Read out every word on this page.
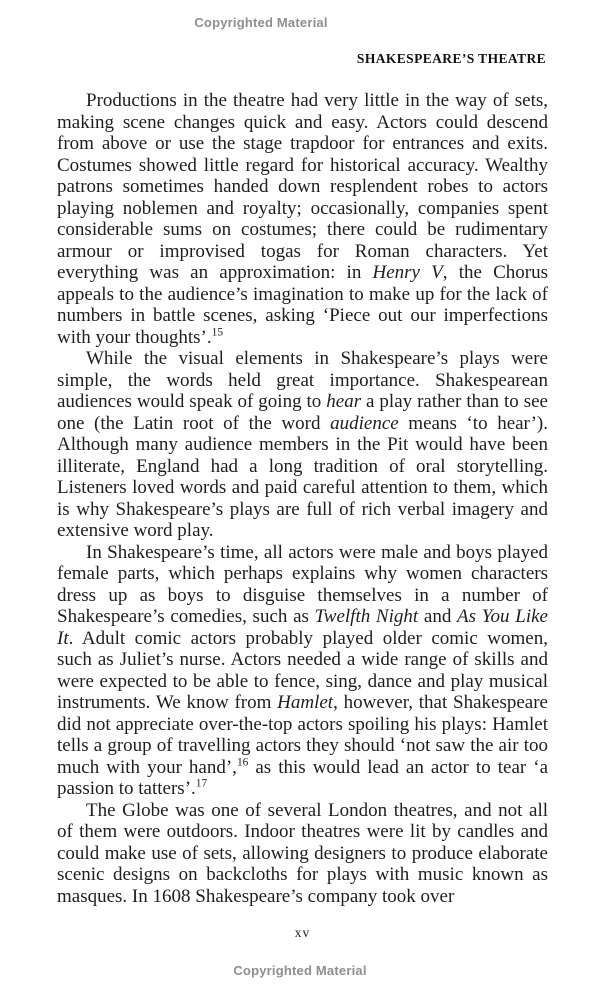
Copyrighted Material
SHAKESPEARE’S THEATRE

Productions in the theatre had very little in the way of sets, making scene changes quick and easy. Actors could descend from above or use the stage trapdoor for entrances and exits. Costumes showed little regard for historical accuracy. Wealthy patrons sometimes handed down resplendent robes to actors playing noblemen and royalty; occasionally, companies spent considerable sums on costumes; there could be rudimentary armour or improvised togas for Roman characters. Yet everything was an approximation: in Henry V, the Chorus appeals to the audience’s imagination to make up for the lack of numbers in battle scenes, asking ‘Piece out our imperfections with your thoughts’.$^{15}$

While the visual elements in Shakespeare’s plays were simple, the words held great importance. Shakespearean audiences would speak of going to hear a play rather than to see one (the Latin root of the word audience means ‘to hear’). Although many audience members in the Pit would have been illiterate, England had a long tradition of oral storytelling. Listeners loved words and paid careful attention to them, which is why Shakespeare’s plays are full of rich verbal imagery and extensive word play.

In Shakespeare’s time, all actors were male and boys played female parts, which perhaps explains why women characters dress up as boys to disguise themselves in a number of Shakespeare’s comedies, such as Twelfth Night and As You Like It. Adult comic actors probably played older comic women, such as Juliet’s nurse. Actors needed a wide range of skills and were expected to be able to fence, sing, dance and play musical instruments. We know from Hamlet, however, that Shakespeare did not appreciate over-the-top actors spoiling his plays: Hamlet tells a group of travelling actors they should ‘not saw the air too much with your hand’,$^{16}$ as this would lead an actor to tear ‘a passion to tatters’.$^{17}$

The Globe was one of several London theatres, and not all of them were outdoors. Indoor theatres were lit by candles and could make use of sets, allowing designers to produce elaborate scenic designs on backcloths for plays with music known as masques. In 1608 Shakespeare’s company took over

xv
Copyrighted Material
